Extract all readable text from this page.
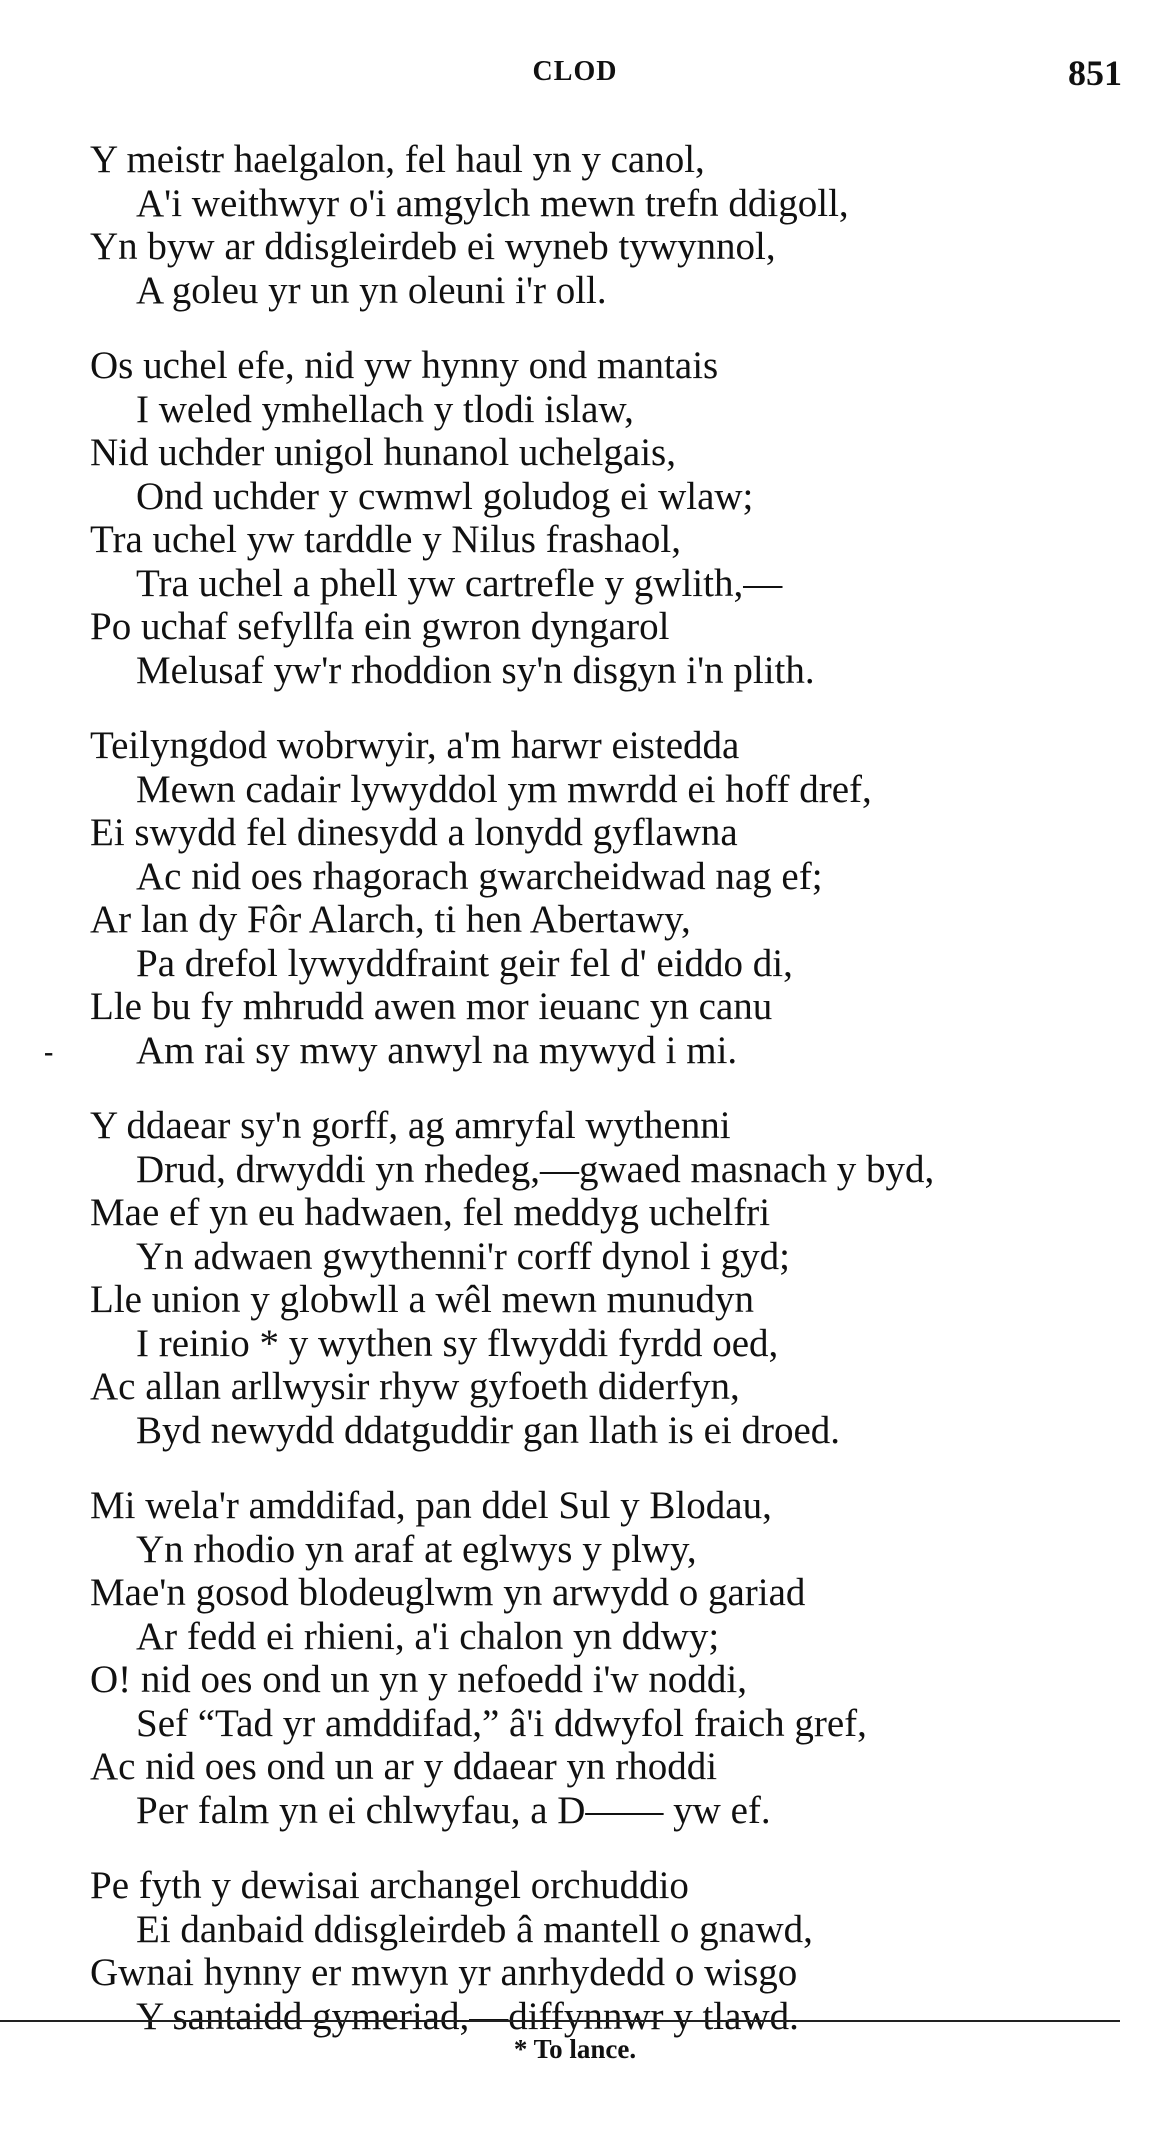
CLOD	851
-
Y meistr haelgalon, fel haul yn y canol,
A'i weithwyr o'i amgylch mewn trefn ddigoll,
Yn byw ar ddisgleirdeb ei wyneb tywynnol,
A goleu yr un yn oleuni i'r oll.
Os uchel efe, nid yw hynny ond mantais
I weled ymhellach y tlodi islaw,
Nid uchder unigol hunanol uchelgais,
Ond uchder y cwmwl goludog ei wlaw;
Tra uchel yw tarddle y Nilus frashaol,
Tra uchel a phell yw cartrefle y gwlith,—
Po uchaf sefyllfa ein gwron dyngarol
Melusaf yw'r rhoddion sy'n disgyn i'n plith.
Teilyngdod wobrwyir, a'm harwr eistedda
Mewn cadair lywyddol ym mwrdd ei hoff dref,
Ei swydd fel dinesydd a lonydd gyflawna
Ac nid oes rhagorach gwarcheidwad nag ef;
Ar lan dy Fôr Alarch, ti hen Abertawy,
Pa drefol lywyddfraint geir fel d' eiddo di,
Lle bu fy mhrudd awen mor ieuanc yn canu
Am rai sy mwy anwyl na mywyd i mi.
Y ddaear sy'n gorff, ag amryfal wythenni
Drud, drwyddi yn rhedeg,—gwaed masnach y byd,
Mae ef yn eu hadwaen, fel meddyg uchelfri
Yn adwaen gwythenni'r corff dynol i gyd;
Lle union y globwll a wêl mewn munudyn
I reinio * y wythen sy flwyddi fyrdd oed,
Ac allan arllwysir rhyw gyfoeth diderfyn,
Byd newydd ddatguddir gan llath is ei droed.
Mi wela'r amddifad, pan ddel Sul y Blodau,
Yn rhodio yn araf at eglwys y plwy,
Mae'n gosod blodeuglwm yn arwydd o gariad
Ar fedd ei rhieni, a'i chalon yn ddwy;
O! nid oes ond un yn y nefoedd i'w noddi,
Sef “Tad yr amddifad,” â'i ddwyfol fraich gref,
Ac nid oes ond un ar y ddaear yn rhoddi
Per falm yn ei chlwyfau, a D—— yw ef.
Pe fyth y dewisai archangel orchuddio
Ei danbaid ddisgleirdeb â mantell o gnawd,
Gwnai hynny er mwyn yr anrhydedd o wisgo
Y santaidd gymeriad,—diffynnwr y tlawd.
* To lance.
